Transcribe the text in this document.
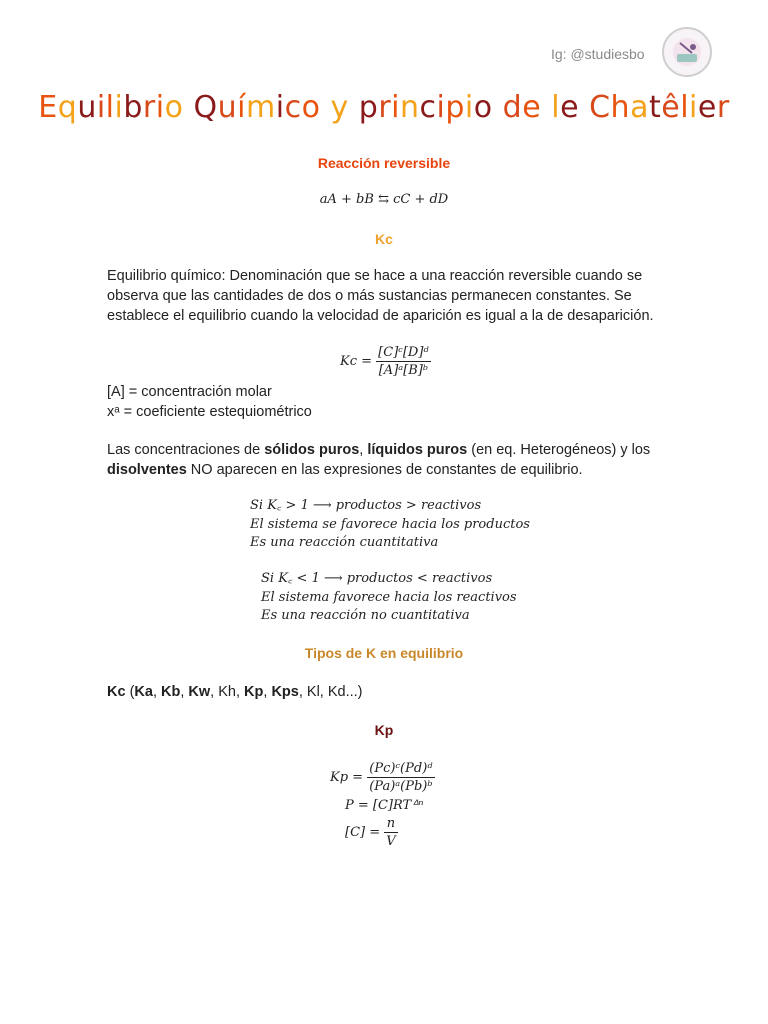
Ig: @studiesbo
Equilibrio Químico y principio de le Chatêlier
Reacción reversible
aA + bB ⇆ cC + dD
Kc
Equilibrio químico: Denominación que se hace a una reacción reversible cuando se observa que las cantidades de dos o más sustancias permanecen constantes. Se establece el equilibrio cuando la velocidad de aparición es igual a la de desaparición.
$Kc = \frac{\text{[C]ᶜ[D]ᵈ}}{\text{[A]ᵃ[B]ᵇ}}$
[A] = concentración molar
xᵃ = coeficiente estequiométrico
Las concentraciones de sólidos puros, líquidos puros (en eq. Heterogéneos) y los disolventes NO aparecen en las expresiones de constantes de equilibrio.
Si K꜀ > 1 ⟶ productos > reactivos
El sistema se favorece hacia los productos
Es una reacción cuantitativa
Si K꜀ < 1 ⟶ productos < reactivos
El sistema favorece hacia los reactivos
Es una reacción no cuantitativa
Tipos de K en equilibrio
Kc (Ka, Kb, Kw, Kh, Kp, Kps, Kl, Kd...)
Kp
$Kp = \frac{\text{(Pc)ᶜ(Pd)ᵈ}}{\text{(Pa)ᵃ(Pb)ᵇ}}$
P = [C]RTᐞⁿ
$[C] = \frac{n}{V}$
